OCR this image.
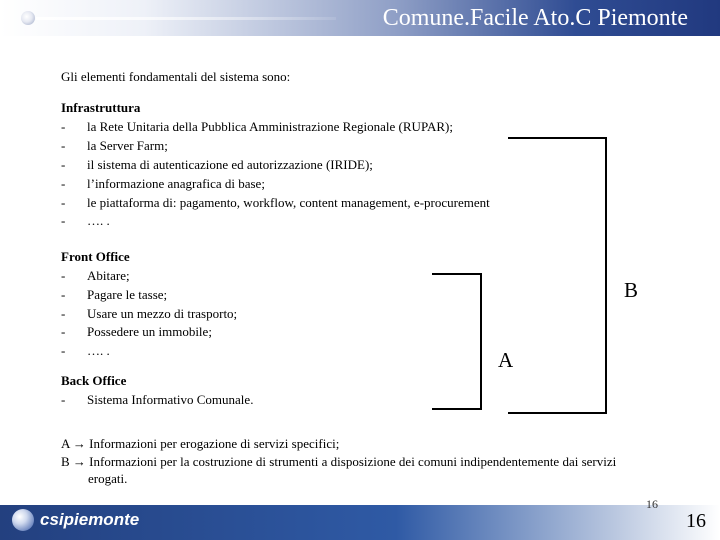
Comune.Facile Ato.C Piemonte
Gli elementi fondamentali del sistema sono:
Infrastruttura
- la Rete Unitaria della Pubblica Amministrazione Regionale (RUPAR);
- la Server Farm;
- il sistema di autenticazione ed autorizzazione (IRIDE);
- l’informazione anagrafica di base;
- le piattaforma di: pagamento, workflow, content management, e-procurement
- …. .
Front Office
- Abitare;
- Pagare le tasse;
- Usare un mezzo di trasporto;
- Possedere un immobile;
- …. .
Back Office
- Sistema Informativo Comunale.
A
B
A → Informazioni per erogazione di servizi specifici;
B → Informazioni per la costruzione di strumenti a disposizione dei comuni indipendentemente dai servizi
erogati.
csipiemonte
16
16
